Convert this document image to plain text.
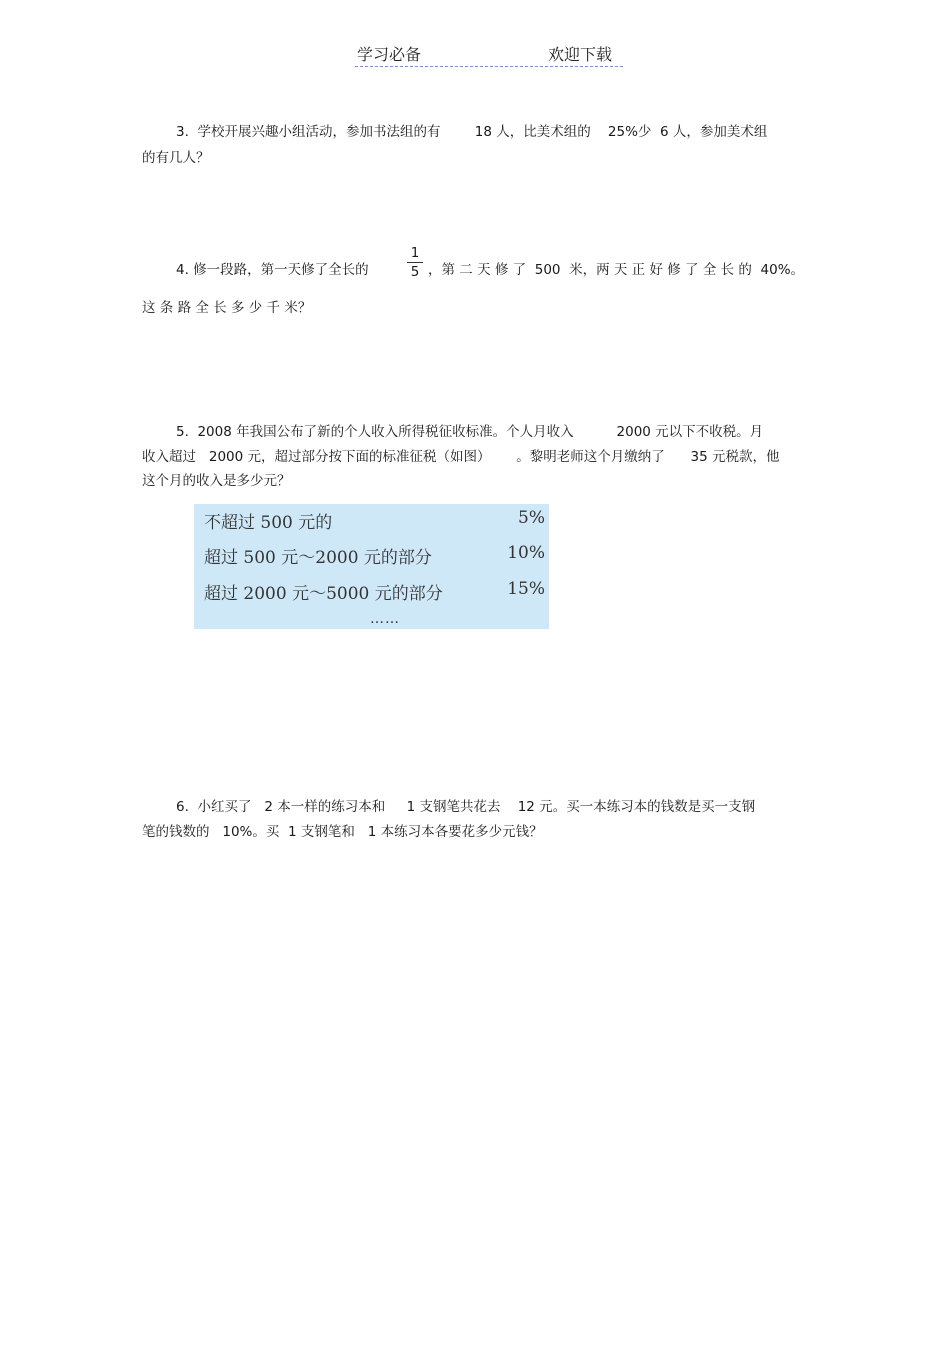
学习必备	欢迎下载
3.  学校开展兴趣小组活动，参加书法组的有        18 人，比美术组的    25%少  6 人，参加美术组
的有几人？
4. 修一段路，第一天修了全长的
1
5 ，第 二 天 修 了  500  米，两 天 正 好 修 了 全 长 的  40%。
这 条 路 全 长 多 少 千 米？
5.  2008 年我国公布了新的个人收入所得税征收标准。个人月收入          2000 元以下不收税。月
收入超过   2000 元，超过部分按下面的标准征税（如图）      。黎明老师这个月缴纳了      35 元税款，他
这个月的收入是多少元？
不超过 500 元的	5%
超过 500 元～2000 元的部分	10%
超过 2000 元～5000 元的部分	15%
……
6.  小红买了   2 本一样的练习本和     1 支钢笔共花去    12 元。买一本练习本的钱数是买一支钢
笔的钱数的   10%。买  1 支钢笔和   1 本练习本各要花多少元钱？
